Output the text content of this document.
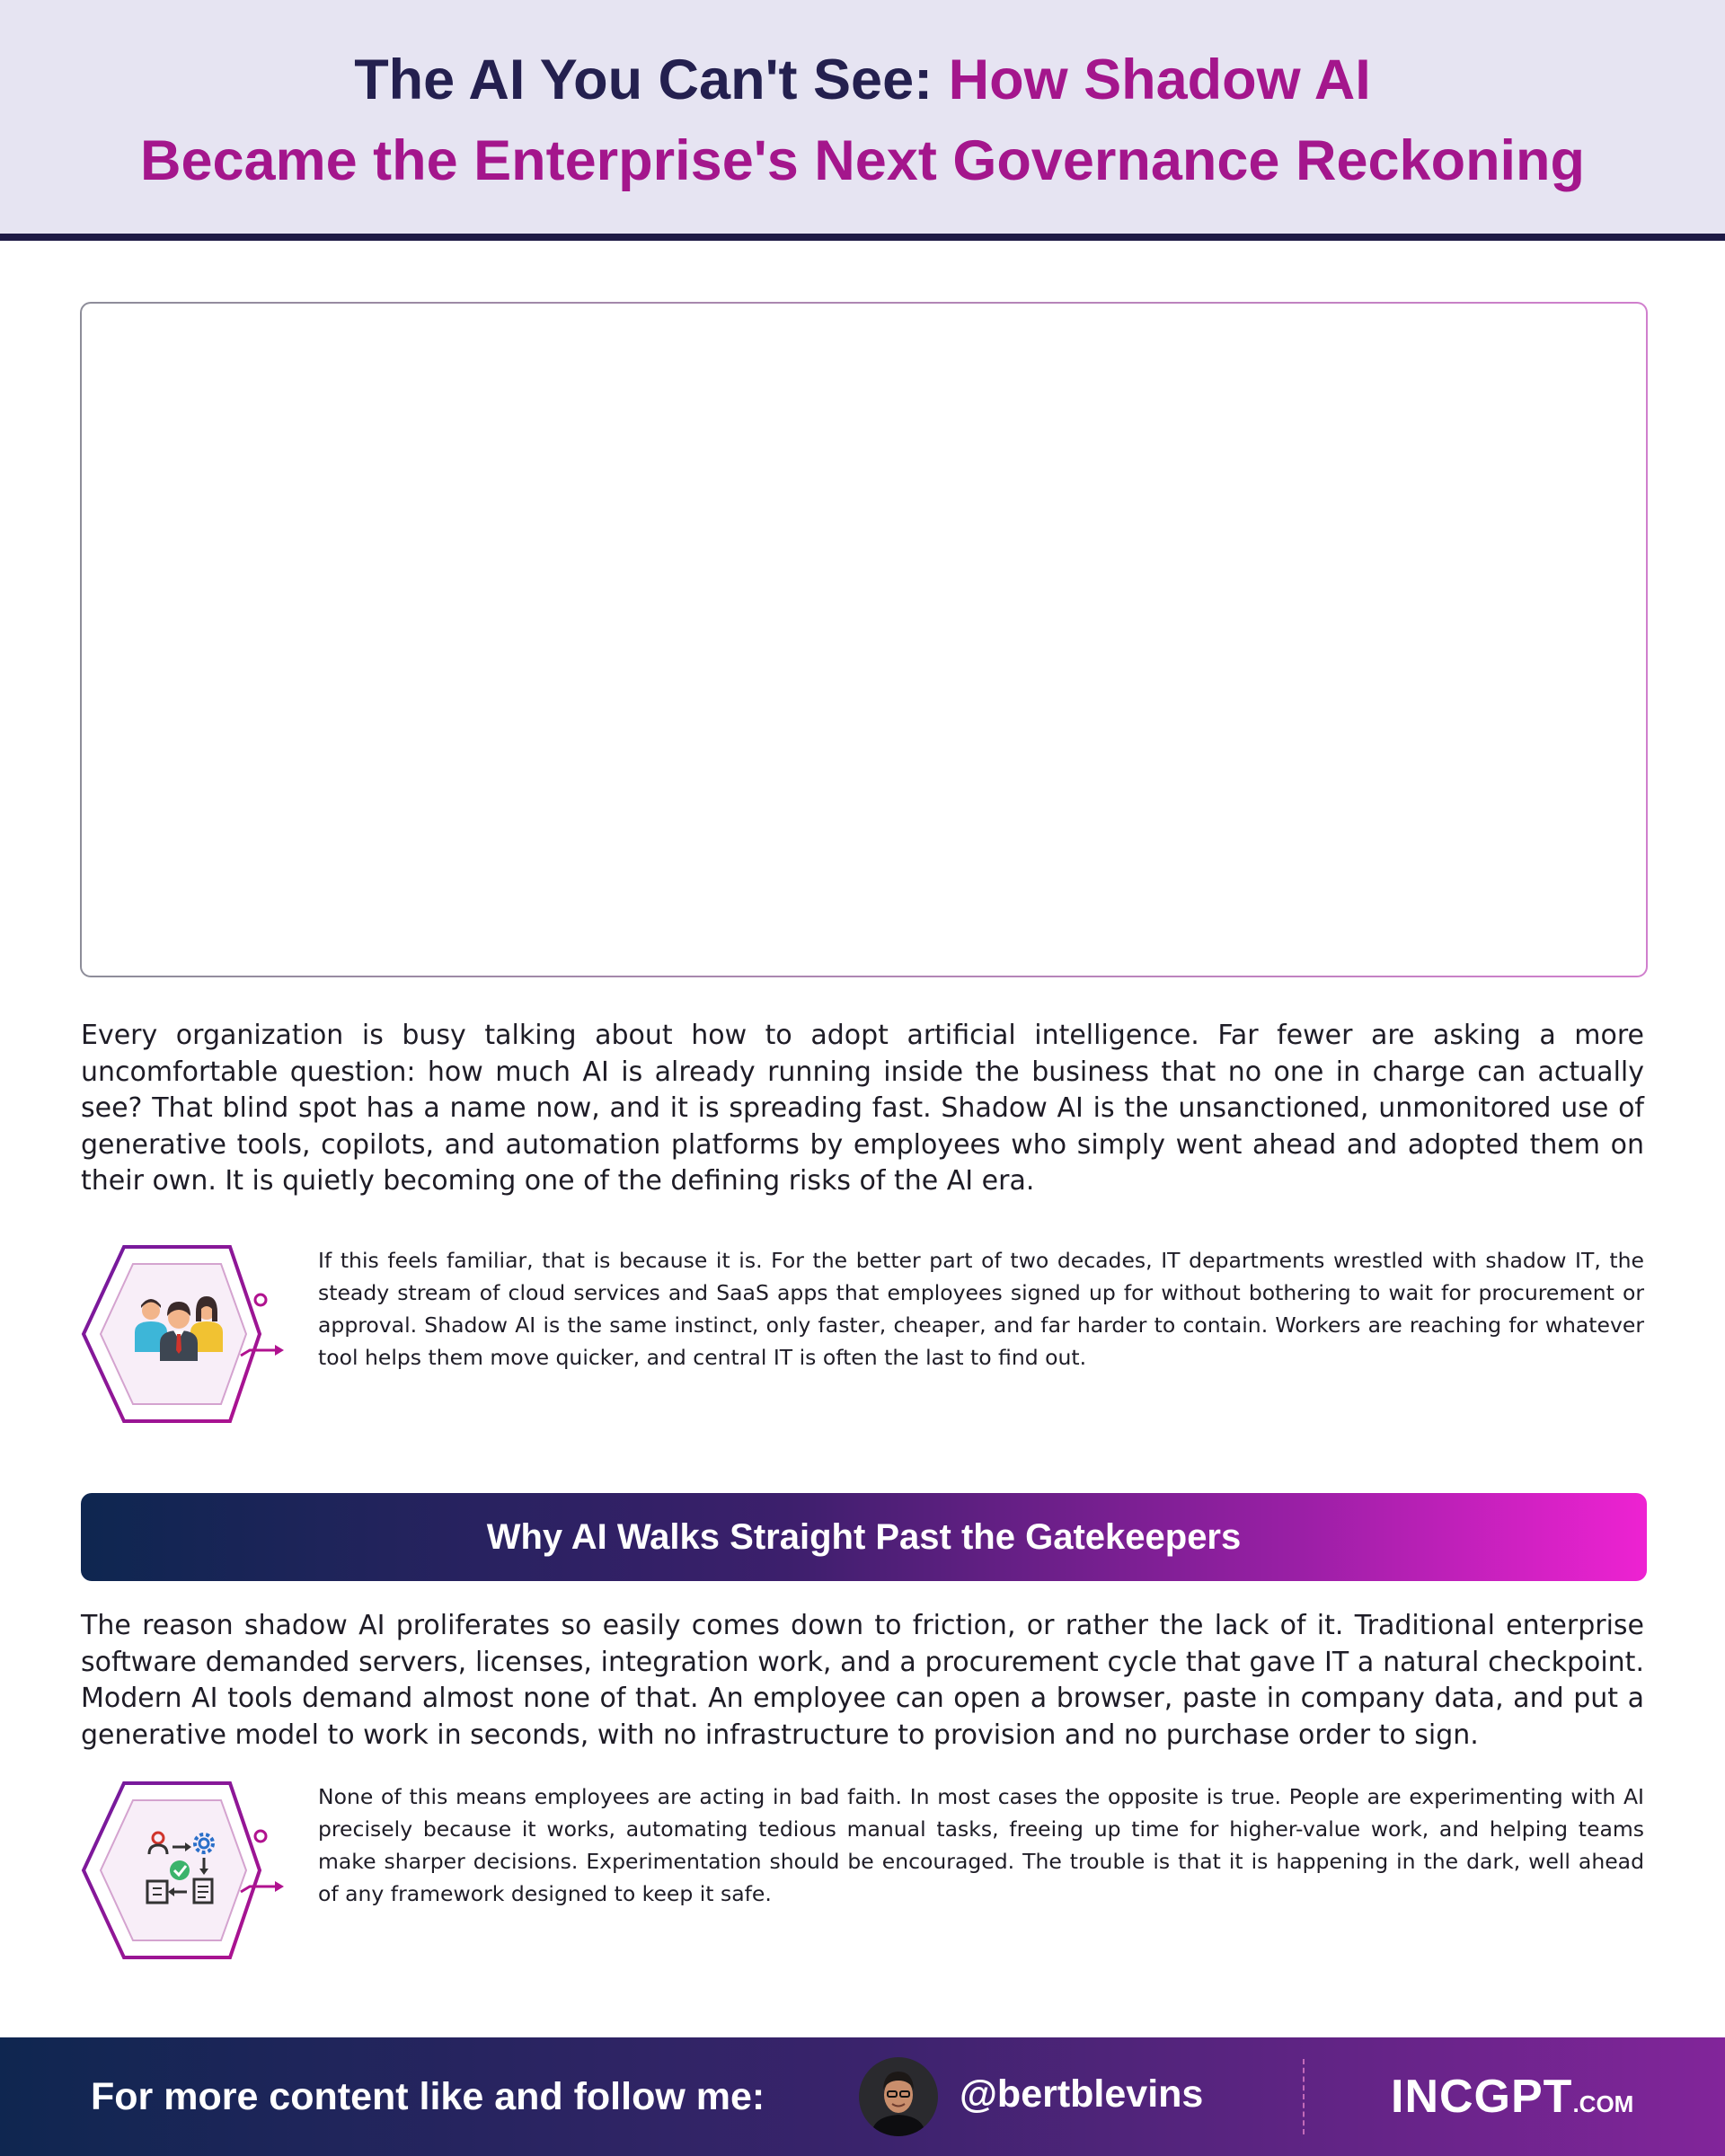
The AI You Can't See: How Shadow AI
Became the Enterprise's Next Governance Reckoning

Every organization is busy talking about how to adopt artificial intelligence. Far fewer are asking a more uncomfortable question: how much AI is already running inside the business that no one in charge can actually see? That blind spot has a name now, and it is spreading fast. Shadow AI is the unsanctioned, unmonitored use of generative tools, copilots, and automation platforms by employees who simply went ahead and adopted them on their own. It is quietly becoming one of the defining risks of the AI era.

If this feels familiar, that is because it is. For the better part of two decades, IT departments wrestled with shadow IT, the steady stream of cloud services and SaaS apps that employees signed up for without bothering to wait for procurement or approval. Shadow AI is the same instinct, only faster, cheaper, and far harder to contain. Workers are reaching for whatever tool helps them move quicker, and central IT is often the last to find out.

Why AI Walks Straight Past the Gatekeepers

The reason shadow AI proliferates so easily comes down to friction, or rather the lack of it. Traditional enterprise software demanded servers, licenses, integration work, and a procurement cycle that gave IT a natural checkpoint. Modern AI tools demand almost none of that. An employee can open a browser, paste in company data, and put a generative model to work in seconds, with no infrastructure to provision and no purchase order to sign.

None of this means employees are acting in bad faith. In most cases the opposite is true. People are experimenting with AI precisely because it works, automating tedious manual tasks, freeing up time for higher-value work, and helping teams make sharper decisions. Experimentation should be encouraged. The trouble is that it is happening in the dark, well ahead of any framework designed to keep it safe.

For more content like and follow me:	@bertblevins	INCGPT.COM
